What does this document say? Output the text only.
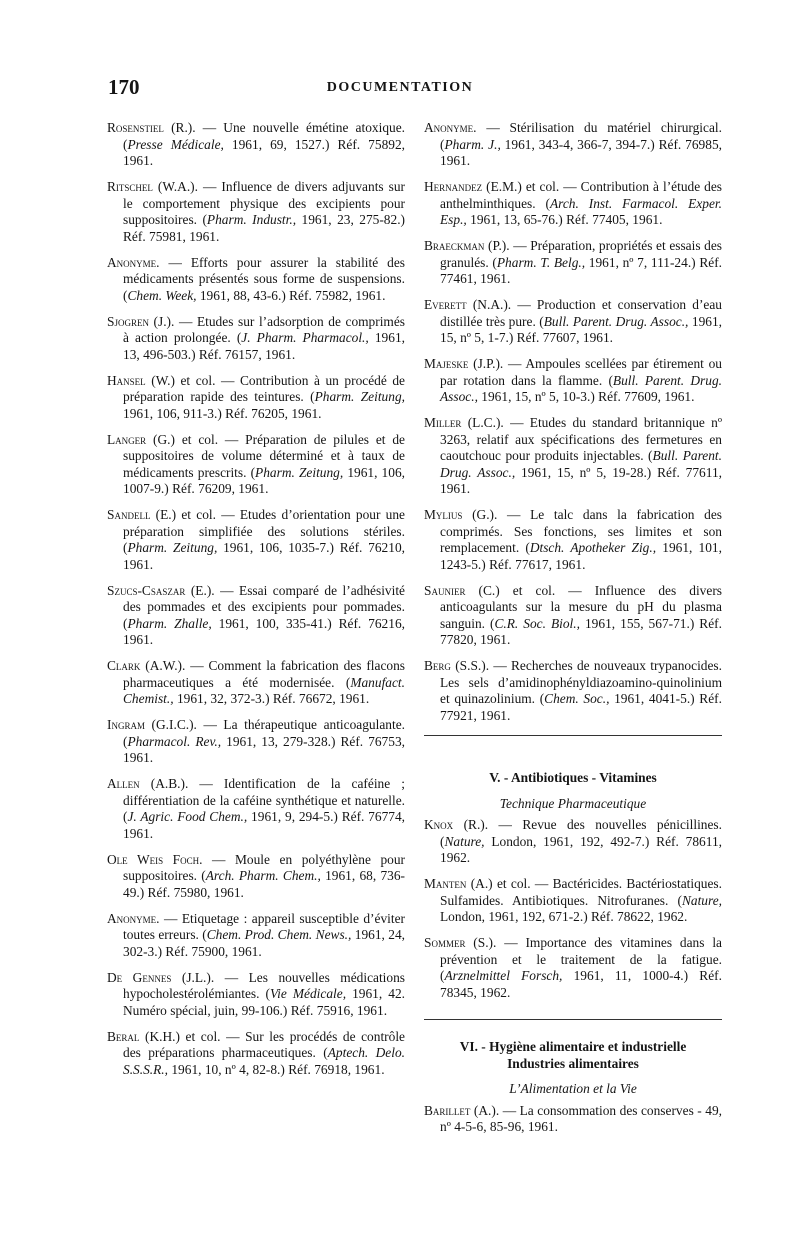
170	DOCUMENTATION
Rosenstiel (R.). — Une nouvelle émétine atoxique. (Presse Médicale, 1961, 69, 1527.) Réf. 75892, 1961.
Ritschel (W.A.). — Influence de divers adjuvants sur le comportement physique des excipients pour suppositoires. (Pharm. Industr., 1961, 23, 275-82.) Réf. 75981, 1961.
Anonyme. — Efforts pour assurer la stabilité des médicaments présentés sous forme de suspensions. (Chem. Week, 1961, 88, 43-6.) Réf. 75982, 1961.
Sjogren (J.). — Etudes sur l’adsorption de comprimés à action prolongée. (J. Pharm. Pharmacol., 1961, 13, 496-503.) Réf. 76157, 1961.
Hansel (W.) et col. — Contribution à un procédé de préparation rapide des teintures. (Pharm. Zeitung, 1961, 106, 911-3.) Réf. 76205, 1961.
Langer (G.) et col. — Préparation de pilules et de suppositoires de volume déterminé et à taux de médicaments prescrits. (Pharm. Zeitung, 1961, 106, 1007-9.) Réf. 76209, 1961.
Sandell (E.) et col. — Etudes d’orientation pour une préparation simplifiée des solutions stériles. (Pharm. Zeitung, 1961, 106, 1035-7.) Réf. 76210, 1961.
Szucs-Csaszar (E.). — Essai comparé de l’adhésivité des pommades et des excipients pour pommades. (Pharm. Zhalle, 1961, 100, 335-41.) Réf. 76216, 1961.
Clark (A.W.). — Comment la fabrication des flacons pharmaceutiques a été modernisée. (Manufact. Chemist., 1961, 32, 372-3.) Réf. 76672, 1961.
Ingram (G.I.C.). — La thérapeutique anticoagulante. (Pharmacol. Rev., 1961, 13, 279-328.) Réf. 76753, 1961.
Allen (A.B.). — Identification de la caféine ; différentiation de la caféine synthétique et naturelle. (J. Agric. Food Chem., 1961, 9, 294-5.) Réf. 76774, 1961.
Ole Weis Foch. — Moule en polyéthylène pour suppositoires. (Arch. Pharm. Chem., 1961, 68, 736-49.) Réf. 75980, 1961.
Anonyme. — Etiquetage : appareil susceptible d’éviter toutes erreurs. (Chem. Prod. Chem. News., 1961, 24, 302-3.) Réf. 75900, 1961.
De Gennes (J.L.). — Les nouvelles médications hypocholestérolémiantes. (Vie Médicale, 1961, 42. Numéro spécial, juin, 99-106.) Réf. 75916, 1961.
Beral (K.H.) et col. — Sur les procédés de contrôle des préparations pharmaceutiques. (Aptech. Delo. S.S.S.R., 1961, 10, nº 4, 82-8.) Réf. 76918, 1961.
Anonyme. — Stérilisation du matériel chirurgical. (Pharm. J., 1961, 343-4, 366-7, 394-7.) Réf. 76985, 1961.
Hernandez (E.M.) et col. — Contribution à l’étude des anthelminthiques. (Arch. Inst. Farmacol. Exper. Esp., 1961, 13, 65-76.) Réf. 77405, 1961.
Braeckman (P.). — Préparation, propriétés et essais des granulés. (Pharm. T. Belg., 1961, nº 7, 111-24.) Réf. 77461, 1961.
Everett (N.A.). — Production et conservation d’eau distillée très pure. (Bull. Parent. Drug. Assoc., 1961, 15, nº 5, 1-7.) Réf. 77607, 1961.
Majeske (J.P.). — Ampoules scellées par étirement ou par rotation dans la flamme. (Bull. Parent. Drug. Assoc., 1961, 15, nº 5, 10-3.) Réf. 77609, 1961.
Miller (L.C.). — Etudes du standard britannique nº 3263, relatif aux spécifications des fermetures en caoutchouc pour produits injectables. (Bull. Parent. Drug. Assoc., 1961, 15, nº 5, 19-28.) Réf. 77611, 1961.
Mylius (G.). — Le talc dans la fabrication des comprimés. Ses fonctions, ses limites et son remplacement. (Dtsch. Apotheker Zig., 1961, 101, 1243-5.) Réf. 77617, 1961.
Saunier (C.) et col. — Influence des divers anticoagulants sur la mesure du pH du plasma sanguin. (C.R. Soc. Biol., 1961, 155, 567-71.) Réf. 77820, 1961.
Berg (S.S.). — Recherches de nouveaux trypanocides. Les sels d’amidinophényldiazoamino-quinolinium et quinazolinium. (Chem. Soc., 1961, 4041-5.) Réf. 77921, 1961.
V. - Antibiotiques - Vitamines
Technique Pharmaceutique
Knox (R.). — Revue des nouvelles pénicillines. (Nature, London, 1961, 192, 492-7.) Réf. 78611, 1962.
Manten (A.) et col. — Bactéricides. Bactériostatiques. Sulfamides. Antibiotiques. Nitrofuranes. (Nature, London, 1961, 192, 671-2.) Réf. 78622, 1962.
Sommer (S.). — Importance des vitamines dans la prévention et le traitement de la fatigue. (Arznelmittel Forsch, 1961, 11, 1000-4.) Réf. 78345, 1962.
VI. - Hygiène alimentaire et industrielle
Industries alimentaires
L’Alimentation et la Vie
Barillet (A.). — La consommation des conserves - 49, nº 4-5-6, 85-96, 1961.
